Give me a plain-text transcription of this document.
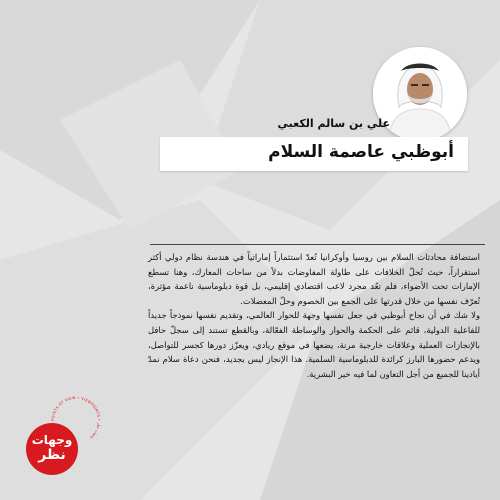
علي بن سالم الكعبي
أبوظبي عاصمة السلام

استضافة محادثات السلام بين روسيا وأوكرانيا تُعدّ استثماراً إماراتياً في هندسة نظام دولي أكثر استقراراً، حيث تُحلّ الخلافات على طاولة المفاوضات بدلاً من ساحات المعارك، وهنا تسطع الإمارات تحت الأضواء، فلم تعُد مجرد لاعب اقتصادي إقليمي، بل قوة دبلوماسية ناعمة مؤثرة، تُعرّف نفسها من خلال قدرتها على الجمع بين الخصوم وحلّ المعضلات.

ولا شك في أن نجاح أبوظبي في جعل نفسها وجهة للحوار العالمي، وتقديم نفسها نموذجاً جديداً للفاعلية الدولية، قائم على الحكمة والحوار والوساطة الفعّالة، وبالقطع تستند إلى سجلّ حافل بالإنجازات العملية وعلاقات خارجية مرنة، يضعها في موقع ريادي، ويعزّز دورها كجسر للتواصل، ويدعم حضورها البارز كرائدة للدبلوماسية السلمية. هذا الإنجاز ليس بجديد، فنحن دعاة سلام نمدّ أيادينا للجميع من أجل التعاون لما فيه خير البشرية.

وجهات
نظر
POINTS OF VIEW • VIEWPOINTS • وجهات نظر
